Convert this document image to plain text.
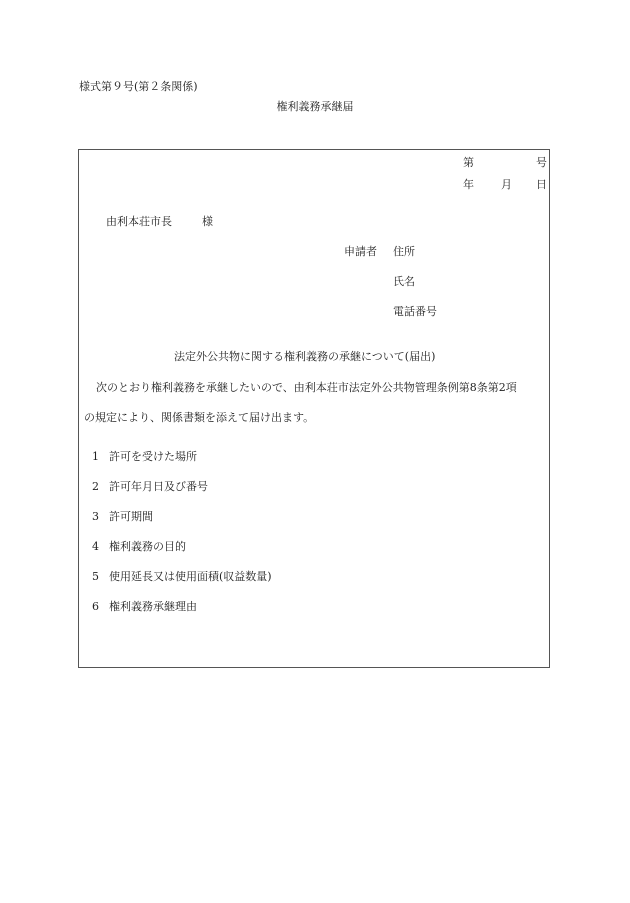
様式第９号(第２条関係)
権利義務承継届
第	号
年 月 日
由利本荘市長	様
申請者 住所
氏名
電話番号
法定外公共物に関する権利義務の承継について(届出)
次のとおり権利義務を承継したいので、由利本荘市法定外公共物管理条例第8条第2項
の規定により、関係書類を添えて届け出ます。
1 許可を受けた場所
2 許可年月日及び番号
3 許可期間
4 権利義務の目的
5 使用延長又は使用面積(収益数量)
6 権利義務承継理由
